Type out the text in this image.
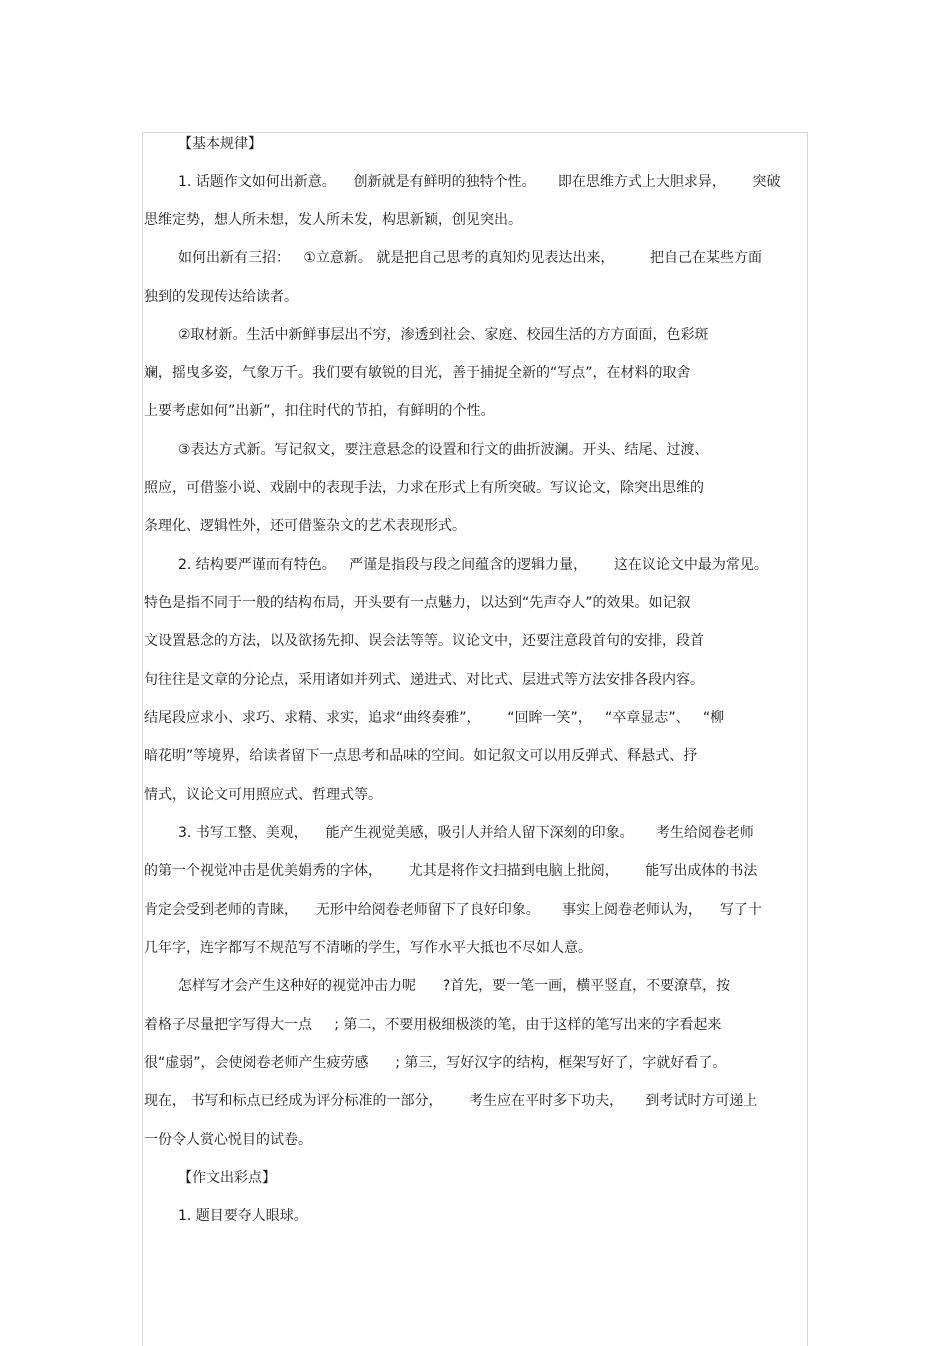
【基本规律】
1. 话题作文如何出新意。    创新就是有鲜明的独特个性。     即在思维方式上大胆求异，      突破
思维定势，想人所未想，发人所未发，构思新颖，创见突出。
如何出新有三招：   ①立意新。 就是把自己思考的真知灼见表达出来，        把自己在某些方面
独到的发现传达给读者。
②取材新。生活中新鲜事层出不穷，渗透到社会、家庭、校园生活的方方面面，色彩斑
斓，摇曳多姿，气象万千。我们要有敏锐的目光，善于捕捉全新的“写点”，在材料的取舍
上要考虑如何”出新”，扣住时代的节拍，有鲜明的个性。
③表达方式新。写记叙文，要注意悬念的设置和行文的曲折波澜。开头、结尾、过渡、
照应，可借鉴小说、戏剧中的表现手法，力求在形式上有所突破。写议论文，除突出思维的
条理化、逻辑性外，还可借鉴杂文的艺术表现形式。
2. 结构要严谨而有特色。   严谨是指段与段之间蕴含的逻辑力量，      这在议论文中最为常见。
特色是指不同于一般的结构布局，开头要有一点魅力，以达到“先声夺人”的效果。如记叙
文设置悬念的方法，以及欲扬先抑、误会法等等。议论文中，还要注意段首句的安排，段首
句往往是文章的分论点，采用诸如并列式、递进式、对比式、层进式等方法安排各段内容。
结尾段应求小、求巧、求精、求实，追求“曲终奏雅”，      “回眸一笑”，   “卒章显志”、   “柳
暗花明”等境界，给读者留下一点思考和品味的空间。如记叙文可以用反弹式、释悬式、抒
情式，议论文可用照应式、哲理式等。
3. 书写工整、美观，    能产生视觉美感，吸引人并给人留下深刻的印象。     考生给阅卷老师
的第一个视觉冲击是优美娟秀的字体，      尤其是将作文扫描到电脑上批阅，      能写出成体的书法
肯定会受到老师的青睐，    无形中给阅卷老师留下了良好印象。     事实上阅卷老师认为，    写了十
几年字，连字都写不规范写不清晰的学生，写作水平大抵也不尽如人意。
怎样写才会产生这种好的视觉冲击力呢      ?首先，要一笔一画，横平竖直，不要潦草，按
着格子尽量把字写得大一点     ; 第二，不要用极细极淡的笔，由于这样的笔写出来的字看起来
很“虚弱”，会使阅卷老师产生疲劳感      ; 第三，写好汉字的结构，框架写好了，字就好看了。
现在， 书写和标点已经成为评分标准的一部分，      考生应在平时多下功夫，     到考试时方可递上
一份令人赏心悦目的试卷。
【作文出彩点】
1. 题目要夺人眼球。
